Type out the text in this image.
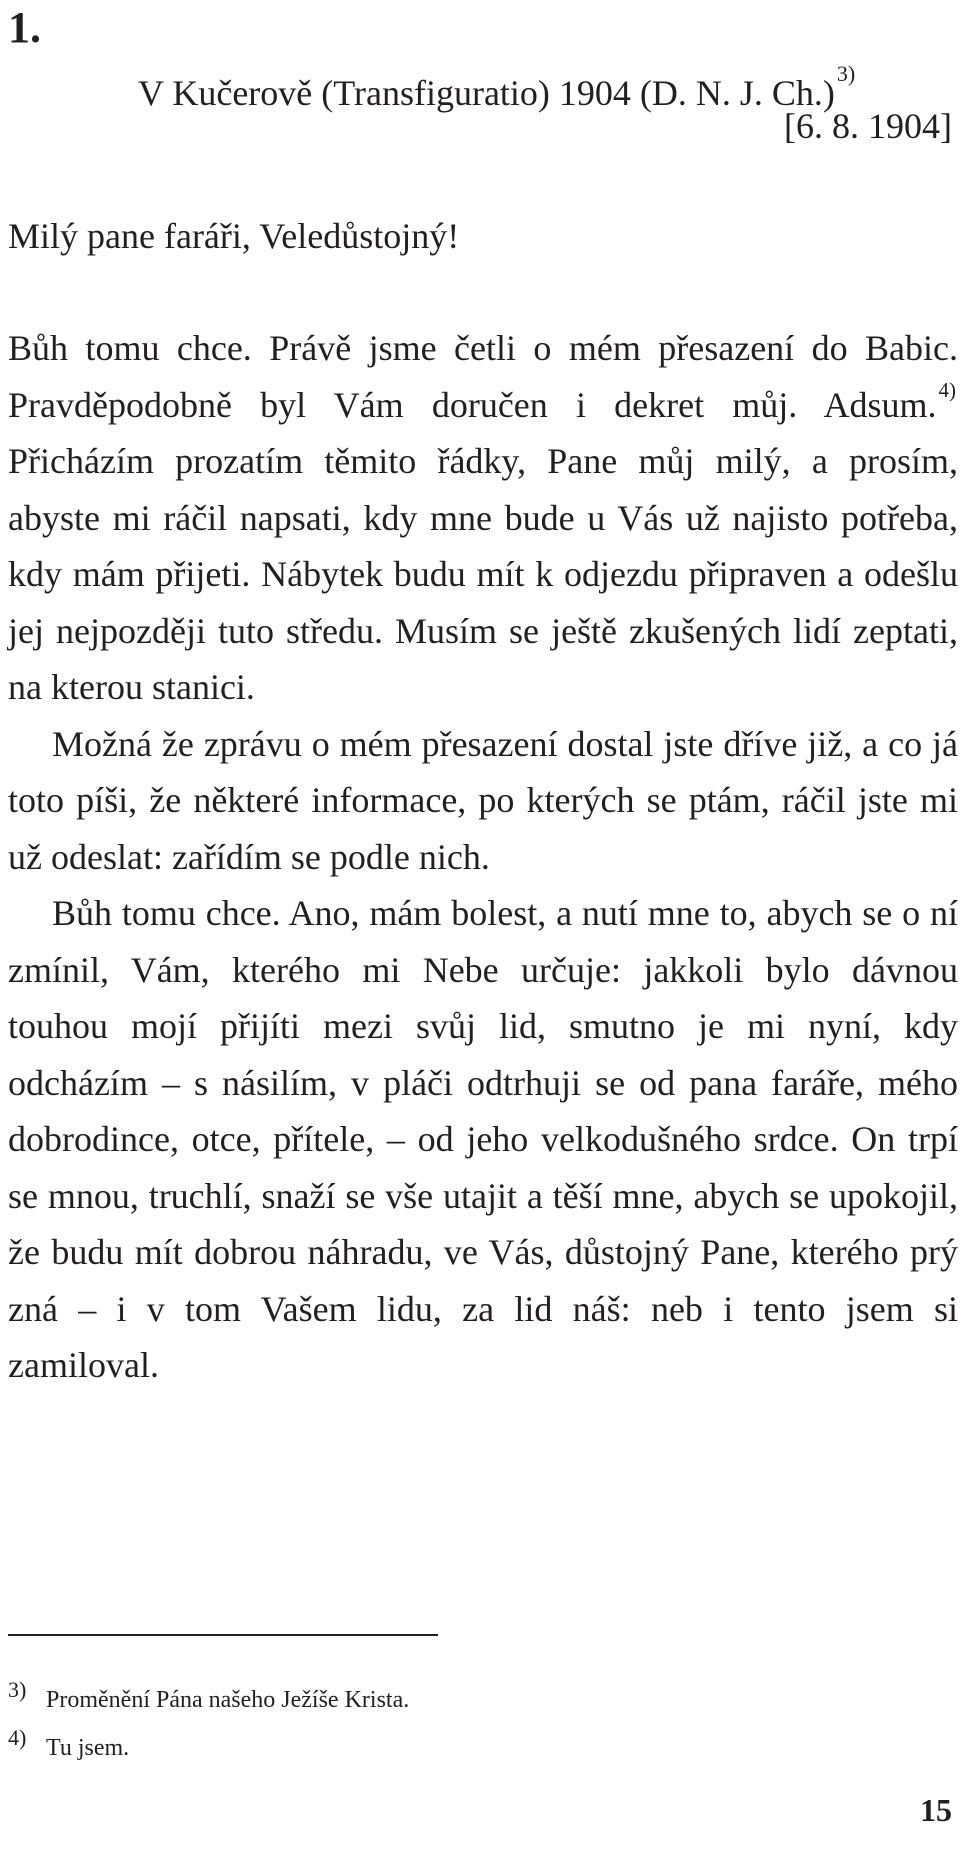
1.
V Kučerově (Transfiguratio) 1904 (D. N. J. Ch.)$^{3)}$
[6. 8. 1904]

Milý pane faráři, Veledůstojný!

Bůh tomu chce. Právě jsme četli o mém přesazení do Babic. Pravděpodobně byl Vám doručen i dekret můj. Adsum.$^{4)}$ Přicházím prozatím těmito řádky, Pane můj milý, a prosím, abyste mi ráčil napsati, kdy mne bude u Vás už najisto potřeba, kdy mám přijeti. Nábytek budu mít k odjezdu připraven a odešlu jej nejpozději tuto středu. Musím se ještě zkušených lidí zeptati, na kterou stanici.

Možná že zprávu o mém přesazení dostal jste dříve již, a co já toto píši, že některé informace, po kterých se ptám, ráčil jste mi už odeslat: zařídím se podle nich.

Bůh tomu chce. Ano, mám bolest, a nutí mne to, abych se o ní zmínil, Vám, kterého mi Nebe určuje: jakkoli bylo dávnou touhou mojí přijíti mezi svůj lid, smutno je mi nyní, kdy odcházím – s násilím, v pláči odtrhuji se od pana faráře, mého dobrodince, otce, přítele, – od jeho velkodušného srdce. On trpí se mnou, truchlí, snaží se vše utajit a těší mne, abych se upokojil, že budu mít dobrou náhradu, ve Vás, důstojný Pane, kterého prý zná – i v tom Vašem lidu, za lid náš: neb i tento jsem si zamiloval.

3) Proměnění Pána našeho Ježíše Krista.
4) Tu jsem.
15
